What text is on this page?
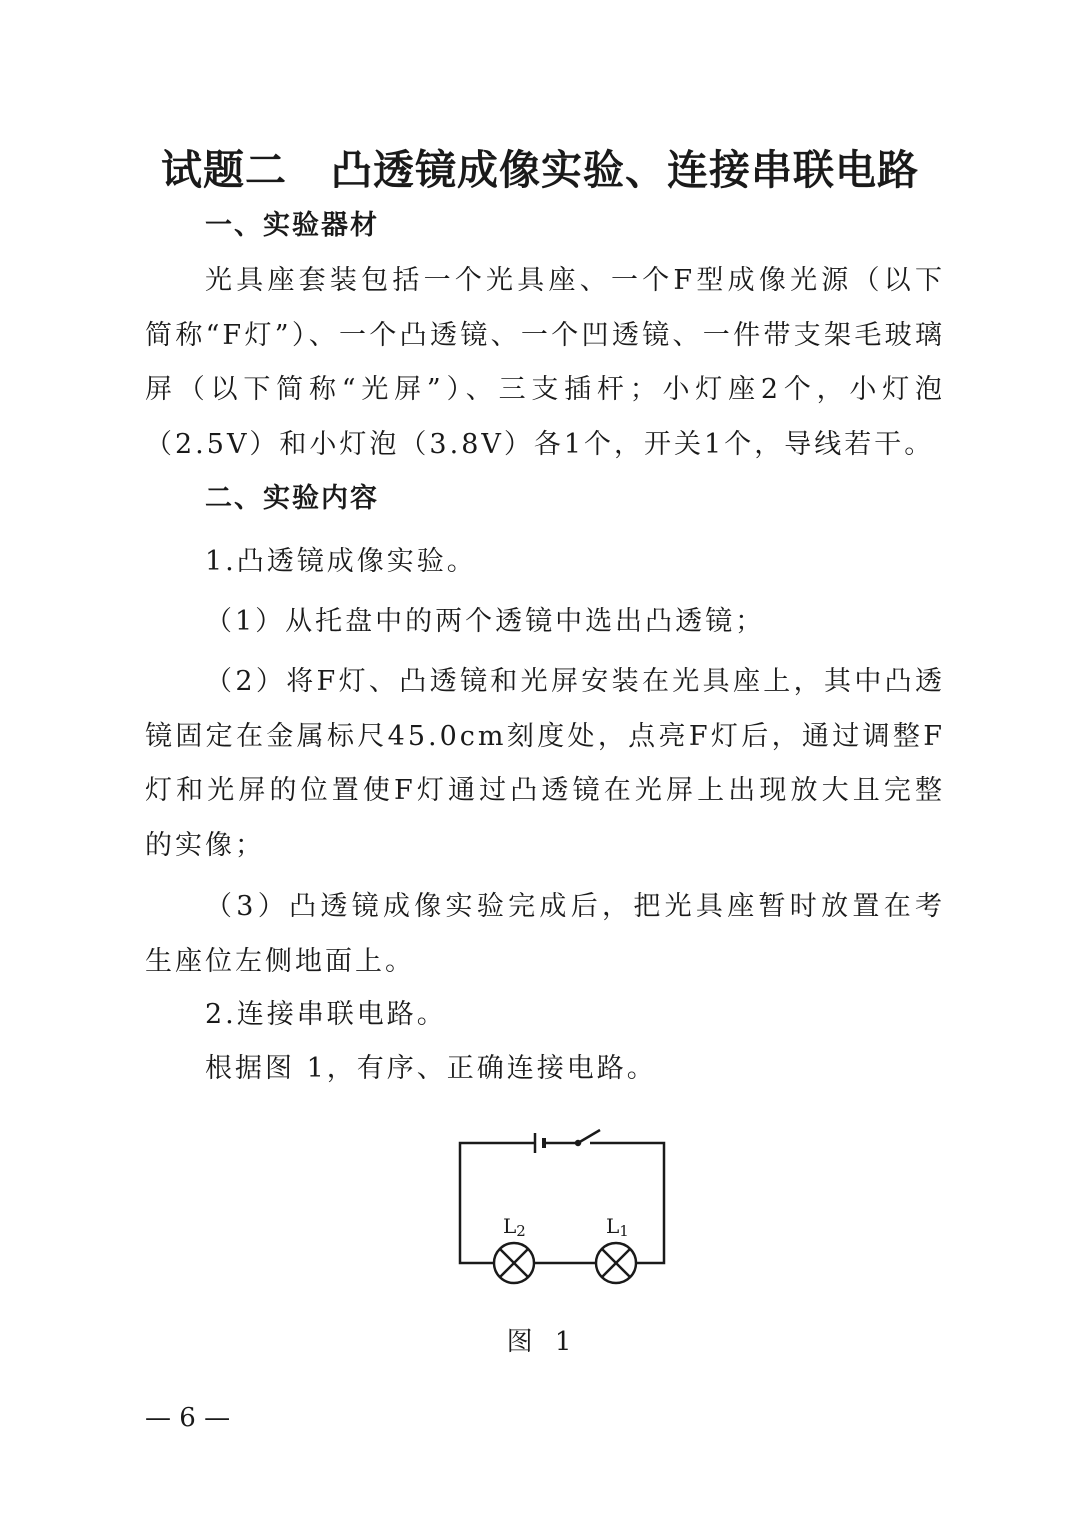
试题二 凸透镜成像实验、连接串联电路
一、实验器材

光具座套装包括一个光具座、一个F型成像光源（以下简称“F灯”）、一个凸透镜、一个凹透镜、一件带支架毛玻璃屏（以下简称“光屏”）、三支插杆；小灯座2个，小灯泡（2.5V）和小灯泡（3.8V）各1个，开关1个，导线若干。

二、实验内容

1.凸透镜成像实验。

（1）从托盘中的两个透镜中选出凸透镜；

（2）将F灯、凸透镜和光屏安装在光具座上，其中凸透镜固定在金属标尺45.0cm刻度处，点亮F灯后，通过调整F灯和光屏的位置使F灯通过凸透镜在光屏上出现放大且完整的实像；

（3）凸透镜成像实验完成后，把光具座暂时放置在考生座位左侧地面上。

2.连接串联电路。

根据图 1，有序、正确连接电路。

L2	L1
图 1
— 6 —
